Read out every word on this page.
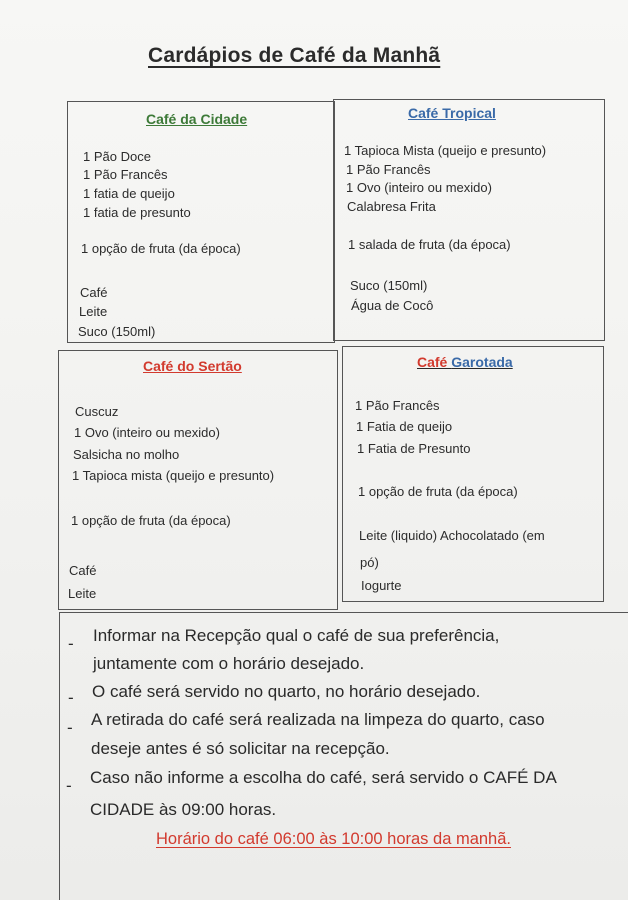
Cardápios de Café da Manhã
Café da Cidade
1 Pão Doce
1 Pão Francês
1 fatia de queijo
1 fatia de presunto
1 opção de fruta (da época)
Café
Leite
Suco (150ml)
Café Tropical
1 Tapioca Mista (queijo e presunto)
1 Pão Francês
1 Ovo (inteiro ou mexido)
Calabresa Frita
1 salada de fruta (da época)
Suco (150ml)
Água de Cocô
Café do Sertão
Cuscuz
1 Ovo (inteiro ou mexido)
Salsicha no molho
1 Tapioca mista (queijo e presunto)
1 opção de fruta (da época)
Café
Leite
Café Garotada
1 Pão Francês
1 Fatia de queijo
1 Fatia de Presunto
1 opção de fruta (da época)
Leite (liquido) Achocolatado (em
pó)
Iogurte
- Informar na Recepção qual o café de sua preferência,
juntamente com o horário desejado.
- O café será servido no quarto, no horário desejado.
- A retirada do café será realizada na limpeza do quarto, caso
deseje antes é só solicitar na recepção.
- Caso não informe a escolha do café, será servido o CAFÉ DA
CIDADE às 09:00 horas.
Horário do café 06:00 às 10:00 horas da manhã.
